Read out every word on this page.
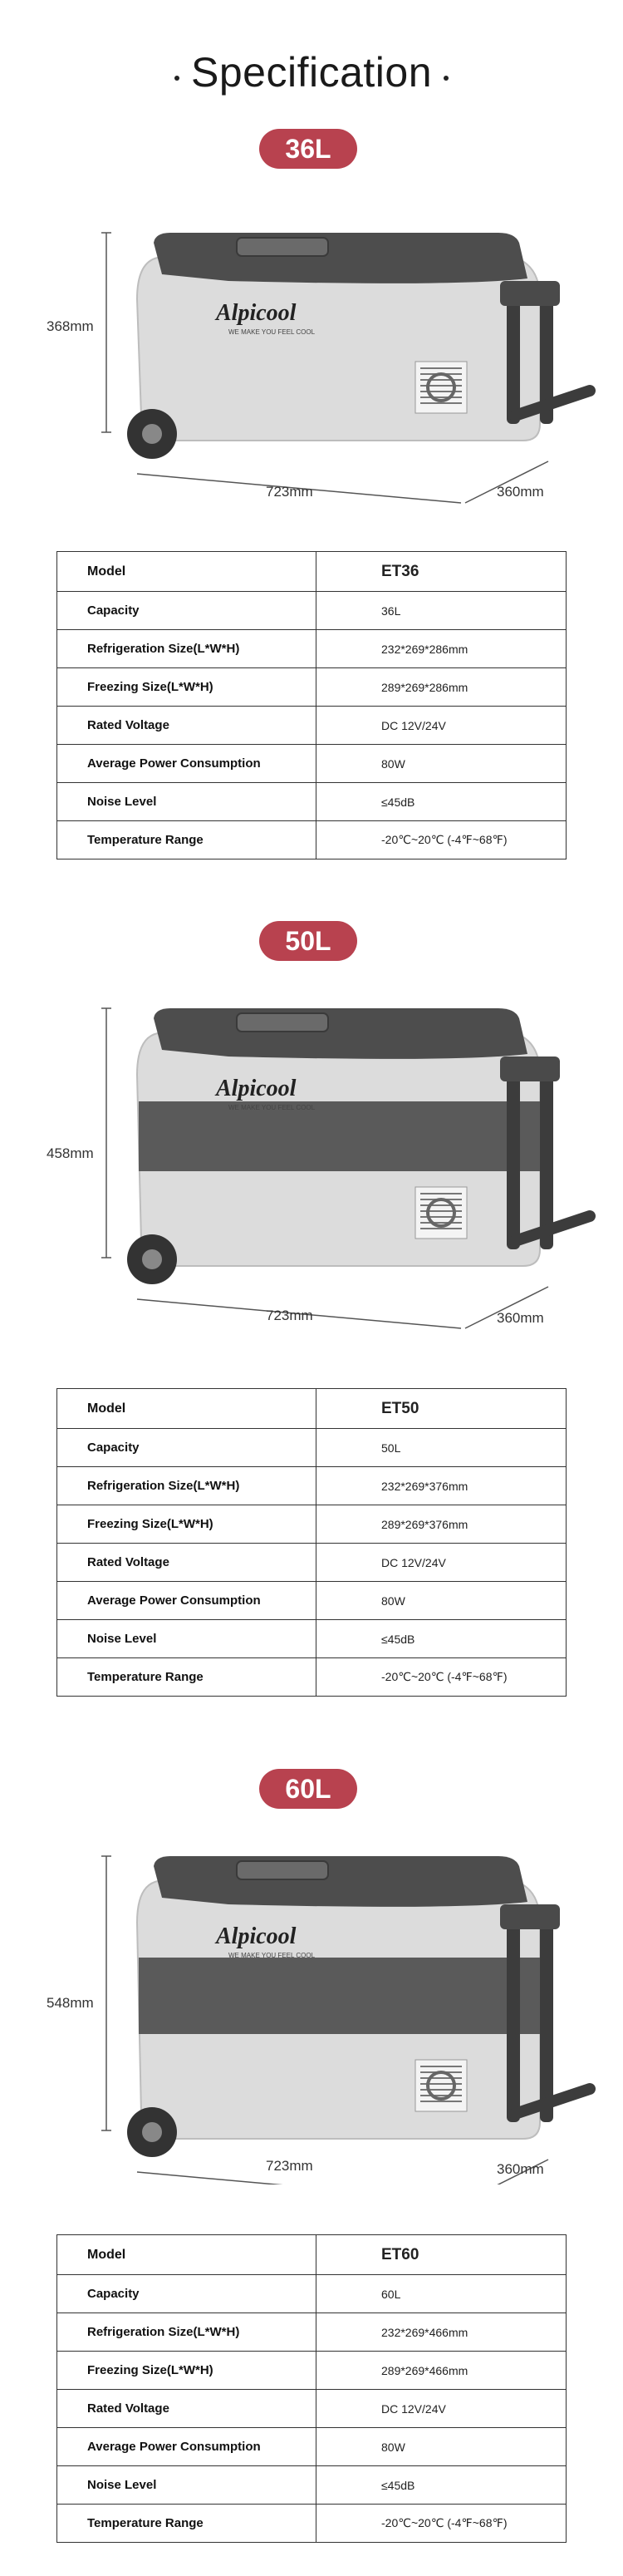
Specification
36L
Alpicool
WE MAKE YOU FEEL COOL
368mm
723mm	360mm
Model	ET36
Capacity	36L
Refrigeration Size(L*W*H)	232*269*286mm
Freezing Size(L*W*H)	289*269*286mm
Rated Voltage	DC 12V/24V
Average Power Consumption	80W
Noise Level	≤45dB
Temperature Range	-20℃~20℃ (-4℉~68℉)
50L
Alpicool
WE MAKE YOU FEEL COOL
458mm
723mm	360mm
Model	ET50
Capacity	50L
Refrigeration Size(L*W*H)	232*269*376mm
Freezing Size(L*W*H)	289*269*376mm
Rated Voltage	DC 12V/24V
Average Power Consumption	80W
Noise Level	≤45dB
Temperature Range	-20℃~20℃ (-4℉~68℉)
60L
Alpicool
WE MAKE YOU FEEL COOL
548mm
723mm	360mm
Model	ET60
Capacity	60L
Refrigeration Size(L*W*H)	232*269*466mm
Freezing Size(L*W*H)	289*269*466mm
Rated Voltage	DC 12V/24V
Average Power Consumption	80W
Noise Level	≤45dB
Temperature Range	-20℃~20℃ (-4℉~68℉)
